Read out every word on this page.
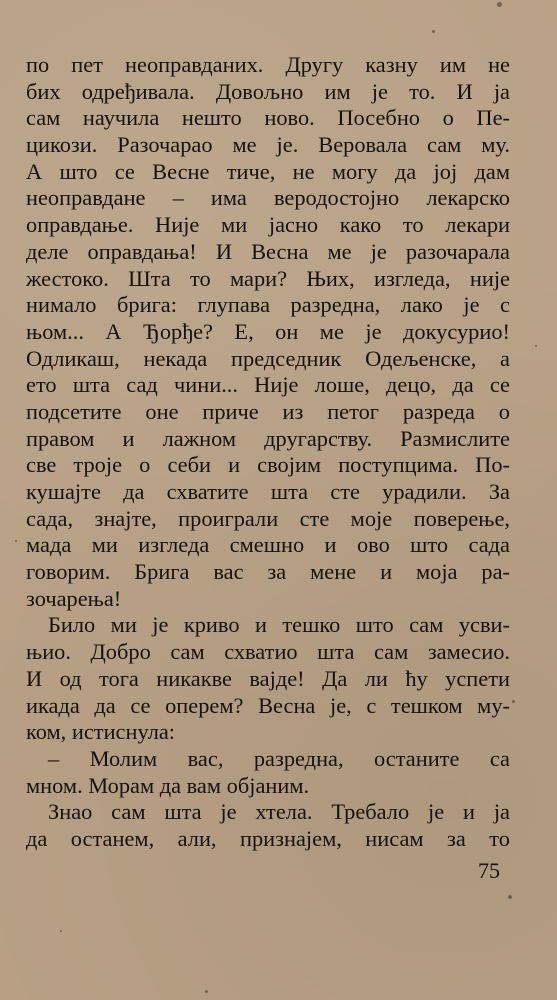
по пет неоправданих. Другу казну им не
бих одређивала. Довољно им је то. И ја
сам научила нешто ново. Посебно о Пе-
цикози. Разочарао ме је. Веровала сам му.
А што се Весне тиче, не могу да јој дам
неоправдане – има веродостојно лекарско
оправдање. Није ми јасно како то лекари
деле оправдања! И Весна ме је разочарала
жестоко. Шта то мари? Њих, изгледа, није
нимало брига: глупава разредна, лако је с
њом... А Ђорђе? Е, он ме је докусурио!
Одликаш, некада председник Одељенске, а
ето шта сад чини... Није лоше, децо, да се
подсетите оне приче из петог разреда о
правом и лажном другарству. Размислите
све троје о себи и својим поступцима. По-
кушајте да схватите шта сте урадили. За
сада, знајте, проиграли сте моје поверење,
мада ми изгледа смешно и ово што сада
говорим. Брига вас за мене и моја ра-
зочарења!
Било ми је криво и тешко што сам усви-
њио. Добро сам схватио шта сам замесио.
И од тога никакве вајде! Да ли ћу успети
икада да се оперем? Весна је, с тешком му-
ком, истиснула:
– Молим вас, разредна, останите са
мном. Морам да вам објаним.
Знао сам шта је хтела. Требало је и ја
да останем, али, признајем, нисам за то
75
